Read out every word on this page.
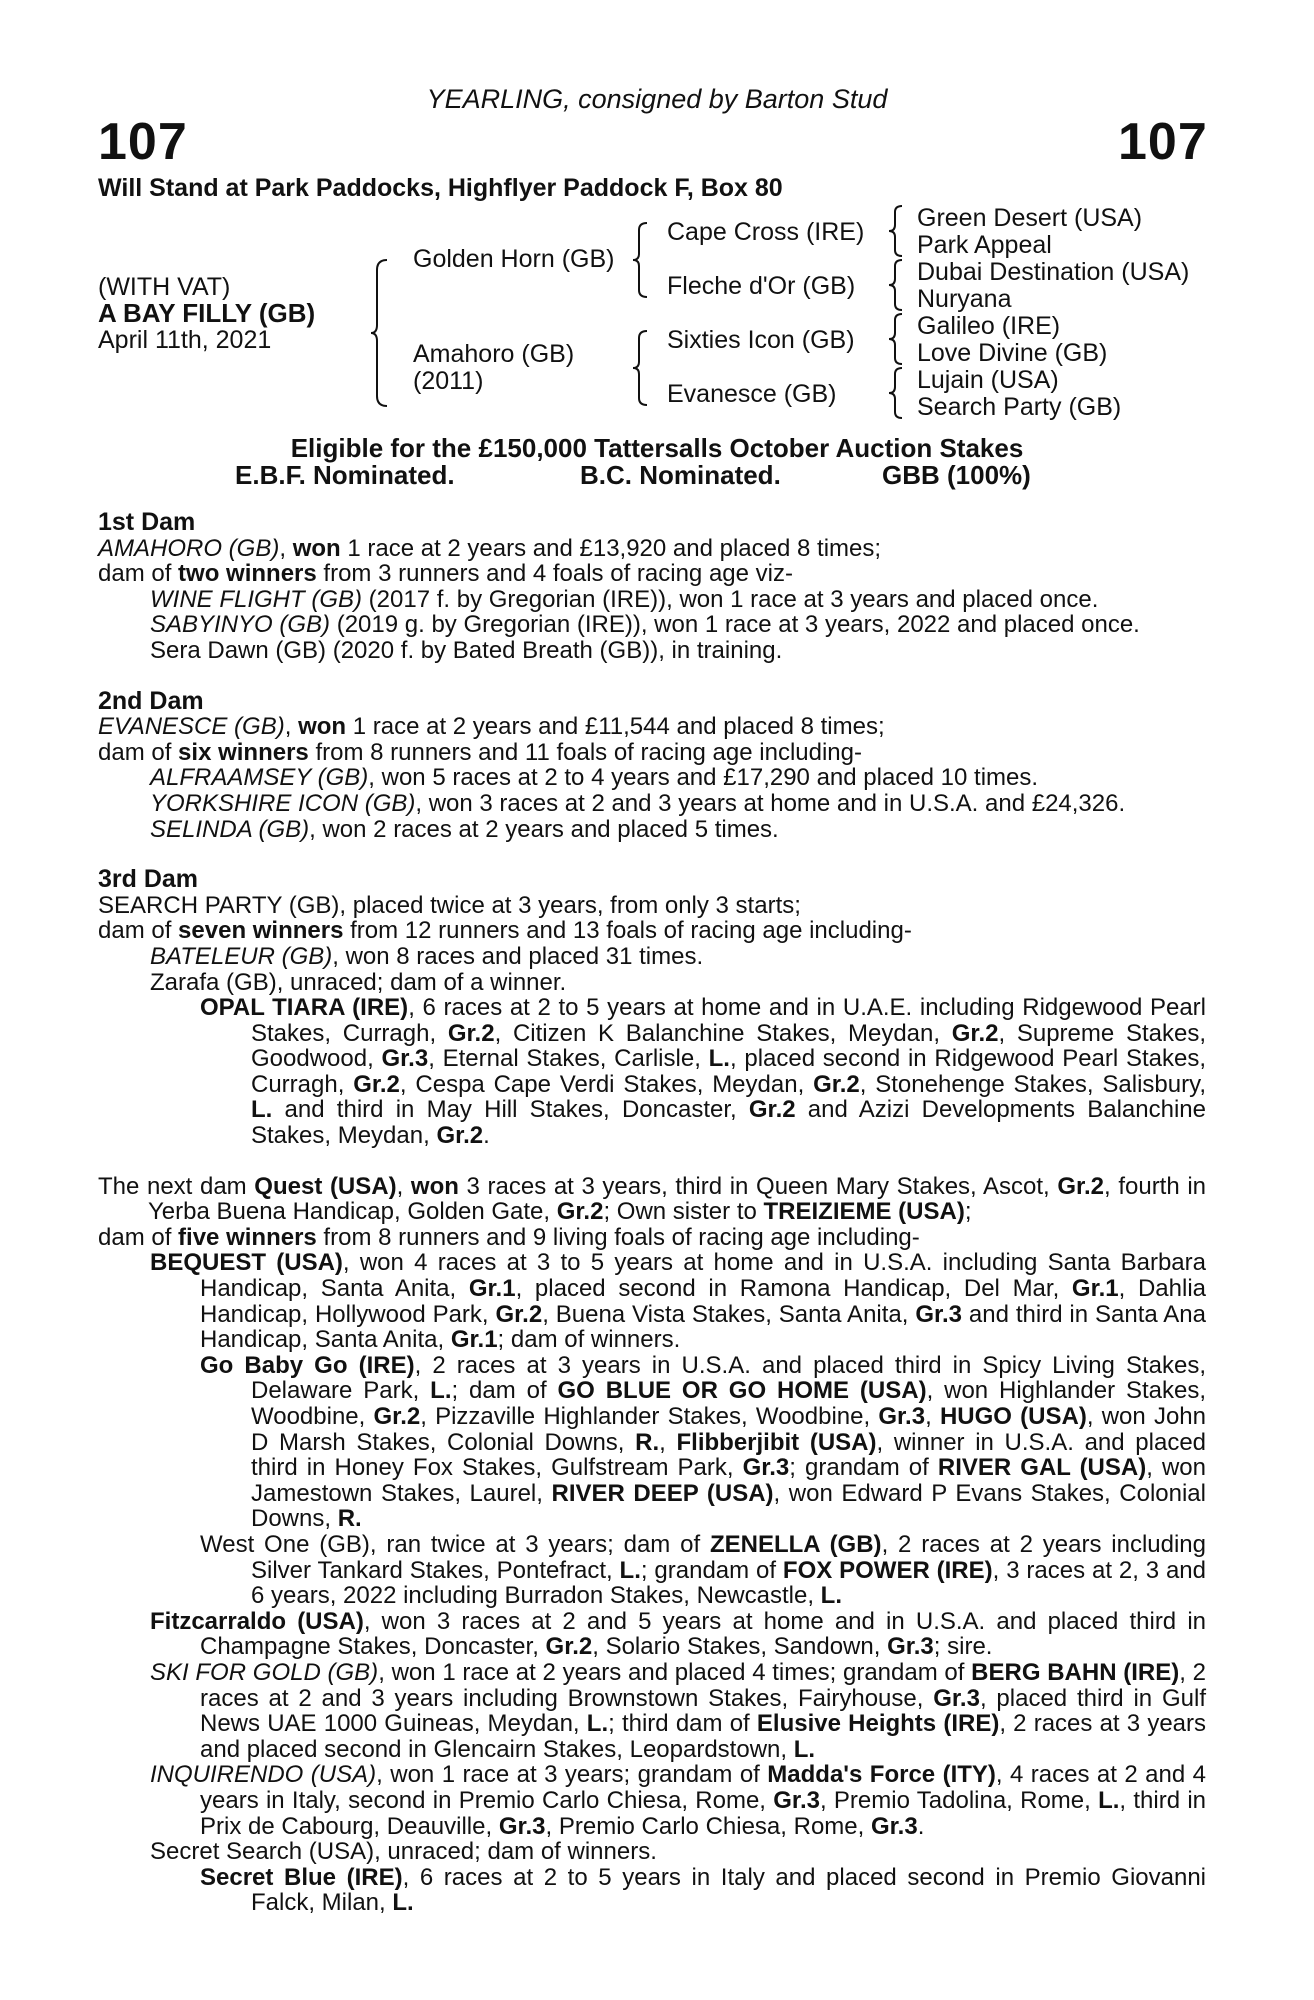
YEARLING, consigned by Barton Stud
107	107
Will Stand at Park Paddocks, Highflyer Paddock F, Box 80
(WITH VAT)
A BAY FILLY (GB)
April 11th, 2021
Golden Horn (GB)
Amahoro (GB)
(2011)
Cape Cross (IRE)
Fleche d'Or (GB)
Sixties Icon (GB)
Evanesce (GB)
Green Desert (USA)
Park Appeal
Dubai Destination (USA)
Nuryana
Galileo (IRE)
Love Divine (GB)
Lujain (USA)
Search Party (GB)
Eligible for the £150,000 Tattersalls October Auction Stakes
E.B.F. Nominated.	B.C. Nominated.	GBB (100%)

1st Dam

AMAHORO (GB), won 1 race at 2 years and £13,920 and placed 8 times;

dam of two winners from 3 runners and 4 foals of racing age viz-

WINE FLIGHT (GB) (2017 f. by Gregorian (IRE)), won 1 race at 3 years and placed once.

SABYINYO (GB) (2019 g. by Gregorian (IRE)), won 1 race at 3 years, 2022 and placed once.

Sera Dawn (GB) (2020 f. by Bated Breath (GB)), in training.

2nd Dam

EVANESCE (GB), won 1 race at 2 years and £11,544 and placed 8 times;

dam of six winners from 8 runners and 11 foals of racing age including-

ALFRAAMSEY (GB), won 5 races at 2 to 4 years and £17,290 and placed 10 times.

YORKSHIRE ICON (GB), won 3 races at 2 and 3 years at home and in U.S.A. and £24,326.

SELINDA (GB), won 2 races at 2 years and placed 5 times.

3rd Dam

SEARCH PARTY (GB), placed twice at 3 years, from only 3 starts;

dam of seven winners from 12 runners and 13 foals of racing age including-

BATELEUR (GB), won 8 races and placed 31 times.

Zarafa (GB), unraced; dam of a winner.

OPAL TIARA (IRE), 6 races at 2 to 5 years at home and in U.A.E. including Ridgewood Pearl Stakes, Curragh, Gr.2, Citizen K Balanchine Stakes, Meydan, Gr.2, Supreme Stakes, Goodwood, Gr.3, Eternal Stakes, Carlisle, L., placed second in Ridgewood Pearl Stakes, Curragh, Gr.2, Cespa Cape Verdi Stakes, Meydan, Gr.2, Stonehenge Stakes, Salisbury, L. and third in May Hill Stakes, Doncaster, Gr.2 and Azizi Developments Balanchine Stakes, Meydan, Gr.2.

The next dam Quest (USA), won 3 races at 3 years, third in Queen Mary Stakes, Ascot, Gr.2, fourth in Yerba Buena Handicap, Golden Gate, Gr.2; Own sister to TREIZIEME (USA);

dam of five winners from 8 runners and 9 living foals of racing age including-

BEQUEST (USA), won 4 races at 3 to 5 years at home and in U.S.A. including Santa Barbara Handicap, Santa Anita, Gr.1, placed second in Ramona Handicap, Del Mar, Gr.1, Dahlia Handicap, Hollywood Park, Gr.2, Buena Vista Stakes, Santa Anita, Gr.3 and third in Santa Ana Handicap, Santa Anita, Gr.1; dam of winners.

Go Baby Go (IRE), 2 races at 3 years in U.S.A. and placed third in Spicy Living Stakes, Delaware Park, L.; dam of GO BLUE OR GO HOME (USA), won Highlander Stakes, Woodbine, Gr.2, Pizzaville Highlander Stakes, Woodbine, Gr.3, HUGO (USA), won John D Marsh Stakes, Colonial Downs, R., Flibberjibit (USA), winner in U.S.A. and placed third in Honey Fox Stakes, Gulfstream Park, Gr.3; grandam of RIVER GAL (USA), won Jamestown Stakes, Laurel, RIVER DEEP (USA), won Edward P Evans Stakes, Colonial Downs, R.

West One (GB), ran twice at 3 years; dam of ZENELLA (GB), 2 races at 2 years including Silver Tankard Stakes, Pontefract, L.; grandam of FOX POWER (IRE), 3 races at 2, 3 and 6 years, 2022 including Burradon Stakes, Newcastle, L.

Fitzcarraldo (USA), won 3 races at 2 and 5 years at home and in U.S.A. and placed third in Champagne Stakes, Doncaster, Gr.2, Solario Stakes, Sandown, Gr.3; sire.

SKI FOR GOLD (GB), won 1 race at 2 years and placed 4 times; grandam of BERG BAHN (IRE), 2 races at 2 and 3 years including Brownstown Stakes, Fairyhouse, Gr.3, placed third in Gulf News UAE 1000 Guineas, Meydan, L.; third dam of Elusive Heights (IRE), 2 races at 3 years and placed second in Glencairn Stakes, Leopardstown, L.

INQUIRENDO (USA), won 1 race at 3 years; grandam of Madda's Force (ITY), 4 races at 2 and 4 years in Italy, second in Premio Carlo Chiesa, Rome, Gr.3, Premio Tadolina, Rome, L., third in Prix de Cabourg, Deauville, Gr.3, Premio Carlo Chiesa, Rome, Gr.3.

Secret Search (USA), unraced; dam of winners.

Secret Blue (IRE), 6 races at 2 to 5 years in Italy and placed second in Premio Giovanni Falck, Milan, L.
